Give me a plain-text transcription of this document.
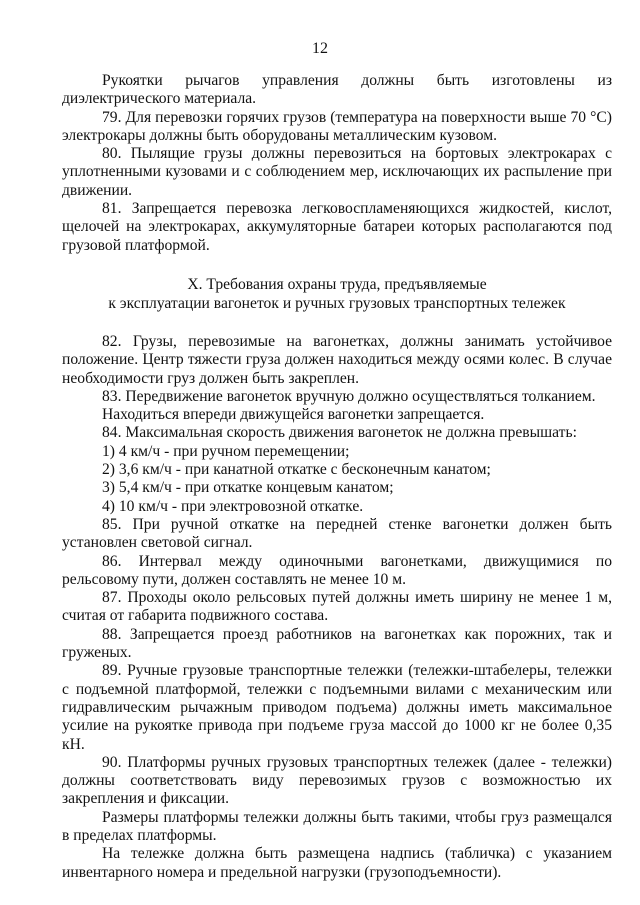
12

Рукоятки рычагов управления должны быть изготовлены из диэлектрического материала.

79. Для перевозки горячих грузов (температура на поверхности выше 70 °С) электрокары должны быть оборудованы металлическим кузовом.

80. Пылящие грузы должны перевозиться на бортовых электрокарах с уплотненными кузовами и с соблюдением мер, исключающих их распыление при движении.

81. Запрещается перевозка легковоспламеняющихся жидкостей, кислот, щелочей на электрокарах, аккумуляторные батареи которых располагаются под грузовой платформой.

X. Требования охраны труда, предъявляемые
к эксплуатации вагонеток и ручных грузовых транспортных тележек

82. Грузы, перевозимые на вагонетках, должны занимать устойчивое положение. Центр тяжести груза должен находиться между осями колес. В случае необходимости груз должен быть закреплен.

83. Передвижение вагонеток вручную должно осуществляться толканием.

Находиться впереди движущейся вагонетки запрещается.

84. Максимальная скорость движения вагонеток не должна превышать:

1) 4 км/ч - при ручном перемещении;

2) 3,6 км/ч - при канатной откатке с бесконечным канатом;

3) 5,4 км/ч - при откатке концевым канатом;

4) 10 км/ч - при электровозной откатке.

85. При ручной откатке на передней стенке вагонетки должен быть установлен световой сигнал.

86. Интервал между одиночными вагонетками, движущимися по рельсовому пути, должен составлять не менее 10 м.

87. Проходы около рельсовых путей должны иметь ширину не менее 1 м, считая от габарита подвижного состава.

88. Запрещается проезд работников на вагонетках как порожних, так и груженых.

89. Ручные грузовые транспортные тележки (тележки-штабелеры, тележки с подъемной платформой, тележки с подъемными вилами с механическим или гидравлическим рычажным приводом подъема) должны иметь максимальное усилие на рукоятке привода при подъеме груза массой до 1000 кг не более 0,35 кН.

90. Платформы ручных грузовых транспортных тележек (далее - тележки) должны соответствовать виду перевозимых грузов с возможностью их закрепления и фиксации.

Размеры платформы тележки должны быть такими, чтобы груз размещался в пределах платформы.

На тележке должна быть размещена надпись (табличка) с указанием инвентарного номера и предельной нагрузки (грузоподъемности).
